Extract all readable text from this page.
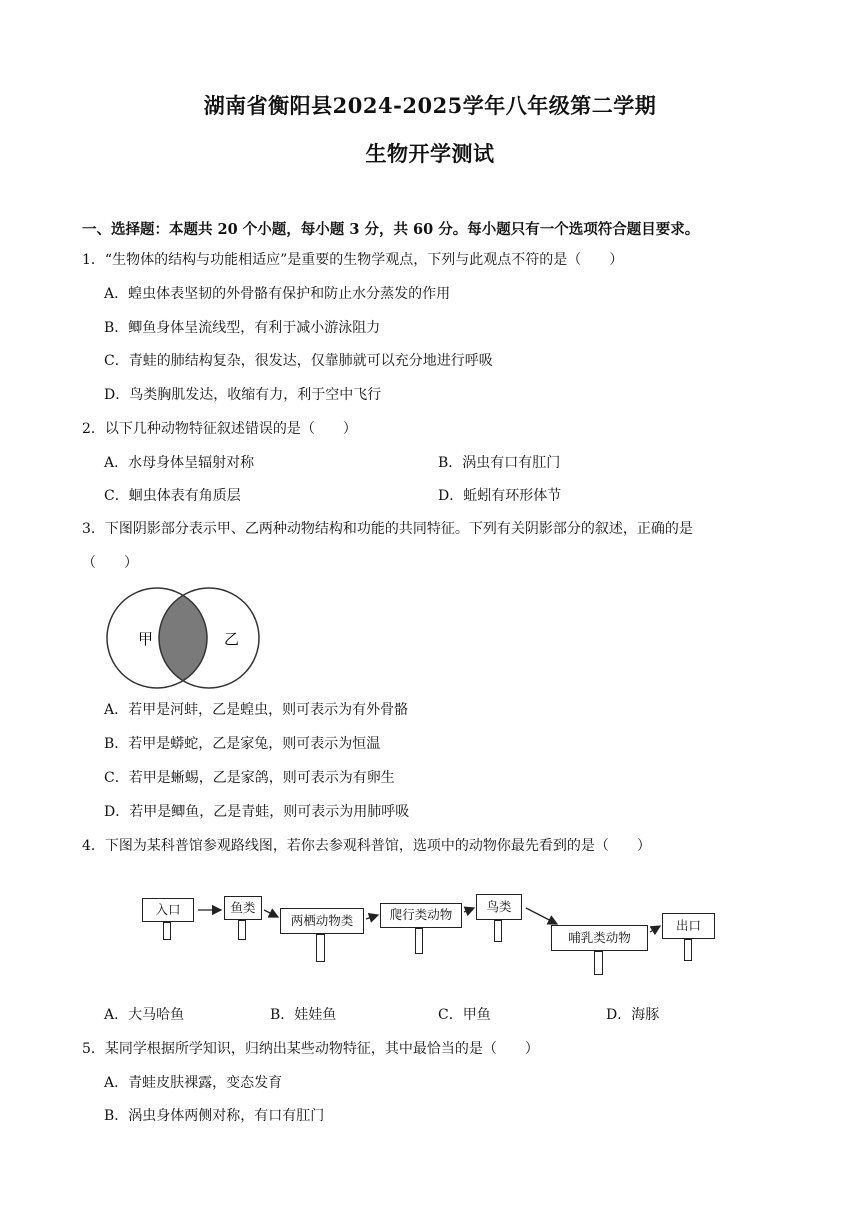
湖南省衡阳县2024-2025学年八年级第二学期
生物开学测试
一、选择题：本题共 20 个小题，每小题 3 分，共 60 分。每小题只有一个选项符合题目要求。
1．“生物体的结构与功能相适应”是重要的生物学观点，下列与此观点不符的是（　　）
A．蝗虫体表坚韧的外骨骼有保护和防止水分蒸发的作用
B．鲫鱼身体呈流线型，有利于减小游泳阻力
C．青蛙的肺结构复杂，很发达，仅靠肺就可以充分地进行呼吸
D．鸟类胸肌发达，收缩有力，利于空中飞行
2．以下几种动物特征叙述错误的是（　　）
A．水母身体呈辐射对称	B．涡虫有口有肛门
C．蛔虫体表有角质层	D．蚯蚓有环形体节
3．下图阴影部分表示甲、乙两种动物结构和功能的共同特征。下列有关阴影部分的叙述，正确的是
（　　）
甲	乙
A．若甲是河蚌，乙是蝗虫，则可表示为有外骨骼
B．若甲是蟒蛇，乙是家兔，则可表示为恒温
C．若甲是蜥蜴，乙是家鸽，则可表示为有卵生
D．若甲是鲫鱼，乙是青蛙，则可表示为用肺呼吸
4．下图为某科普馆参观路线图，若你去参观科普馆，选项中的动物你最先看到的是（　　）
入口	鱼类
两栖动物类	爬行类动物
鸟类
哺乳类动物
出口
A．大马哈鱼	B．娃娃鱼	C．甲鱼	D．海豚
5．某同学根据所学知识，归纳出某些动物特征，其中最恰当的是（　　）
A．青蛙皮肤裸露，变态发育
B．涡虫身体两侧对称，有口有肛门
